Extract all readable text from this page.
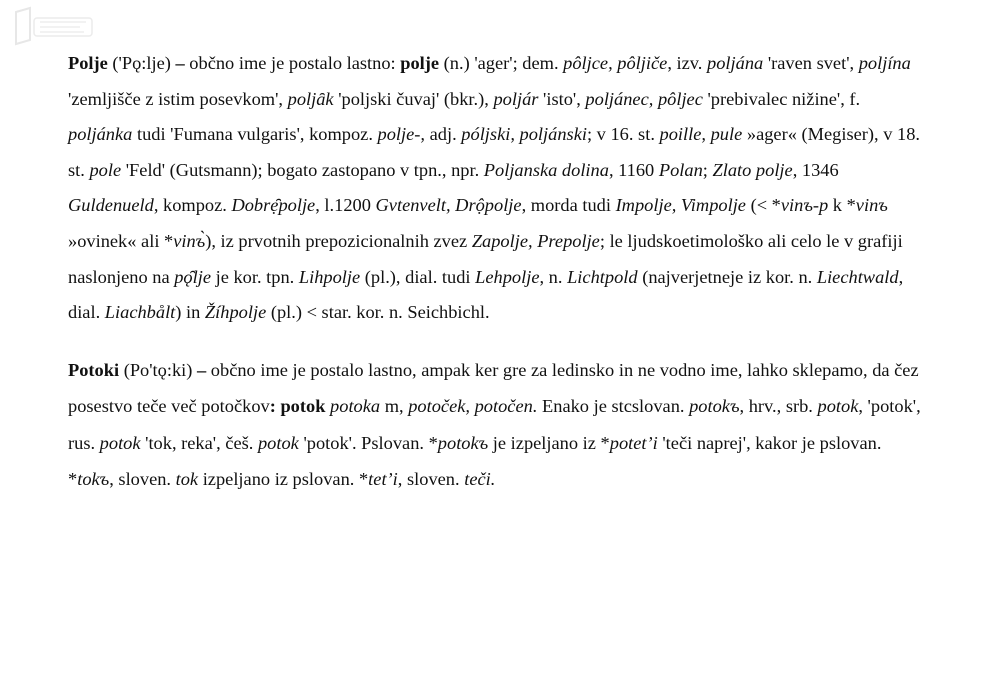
Polje ('Pǫ:lje) – občno ime je postalo lastno: polje (n.) 'ager'; dem. pôljce, pôljiče, izv. poljána 'raven svet', poljína 'zemljišče z istim posevkom', poljȃk 'poljski čuvaj' (bkr.), poljár 'isto', poljánec, pôljec 'prebivalec nižine', f. poljánka tudi 'Fumana vulgaris', kompoz. polje-, adj. póljski, poljánski; v 16. st. poille, pule »ager« (Megiser), v 18. st. pole 'Feld' (Gutsmann); bogato zastopano v tpn., npr. Poljanska dolina, 1160 Polan; Zlato polje, 1346 Guldenueld, kompoz. Dobrẹ̑polje, l.1200 Gvtenvelt, Drộpolje, morda tudi Impolje, Vimpolje (< *vinъ-p k *vinъ »ovinek« ali *vinъ̀), iz prvotnih prepozicionalnih zvez Zapolje, Prepolje; le ljudskoetimološko ali celo le v grafiji naslonjeno na pǫ̑lje je kor. tpn. Lihpolje (pl.), dial. tudi Lehpolje, n. Lichtpold (najverjetneje iz kor. n. Liechtwald, dial. Liachbålt) in Žíhpolje (pl.) < star. kor. n. Seichbichl.

Potoki (Po'tǫ:ki) – občno ime je postalo lastno, ampak ker gre za ledinsko in ne vodno ime, lahko sklepamo, da čez posestvo teče več potočkov: potok potoka m, potoček, potočen. Enako je stcslovan. potokъ, hrv., srb. potok, 'potok', rus. potok 'tok, reka', češ. potok 'potok'. Pslovan. *potokъ je izpeljano iz *potetʼi 'teči naprej', kakor je pslovan. *tokъ, sloven. tok izpeljano iz pslovan. *tetʼi, sloven. teči.
